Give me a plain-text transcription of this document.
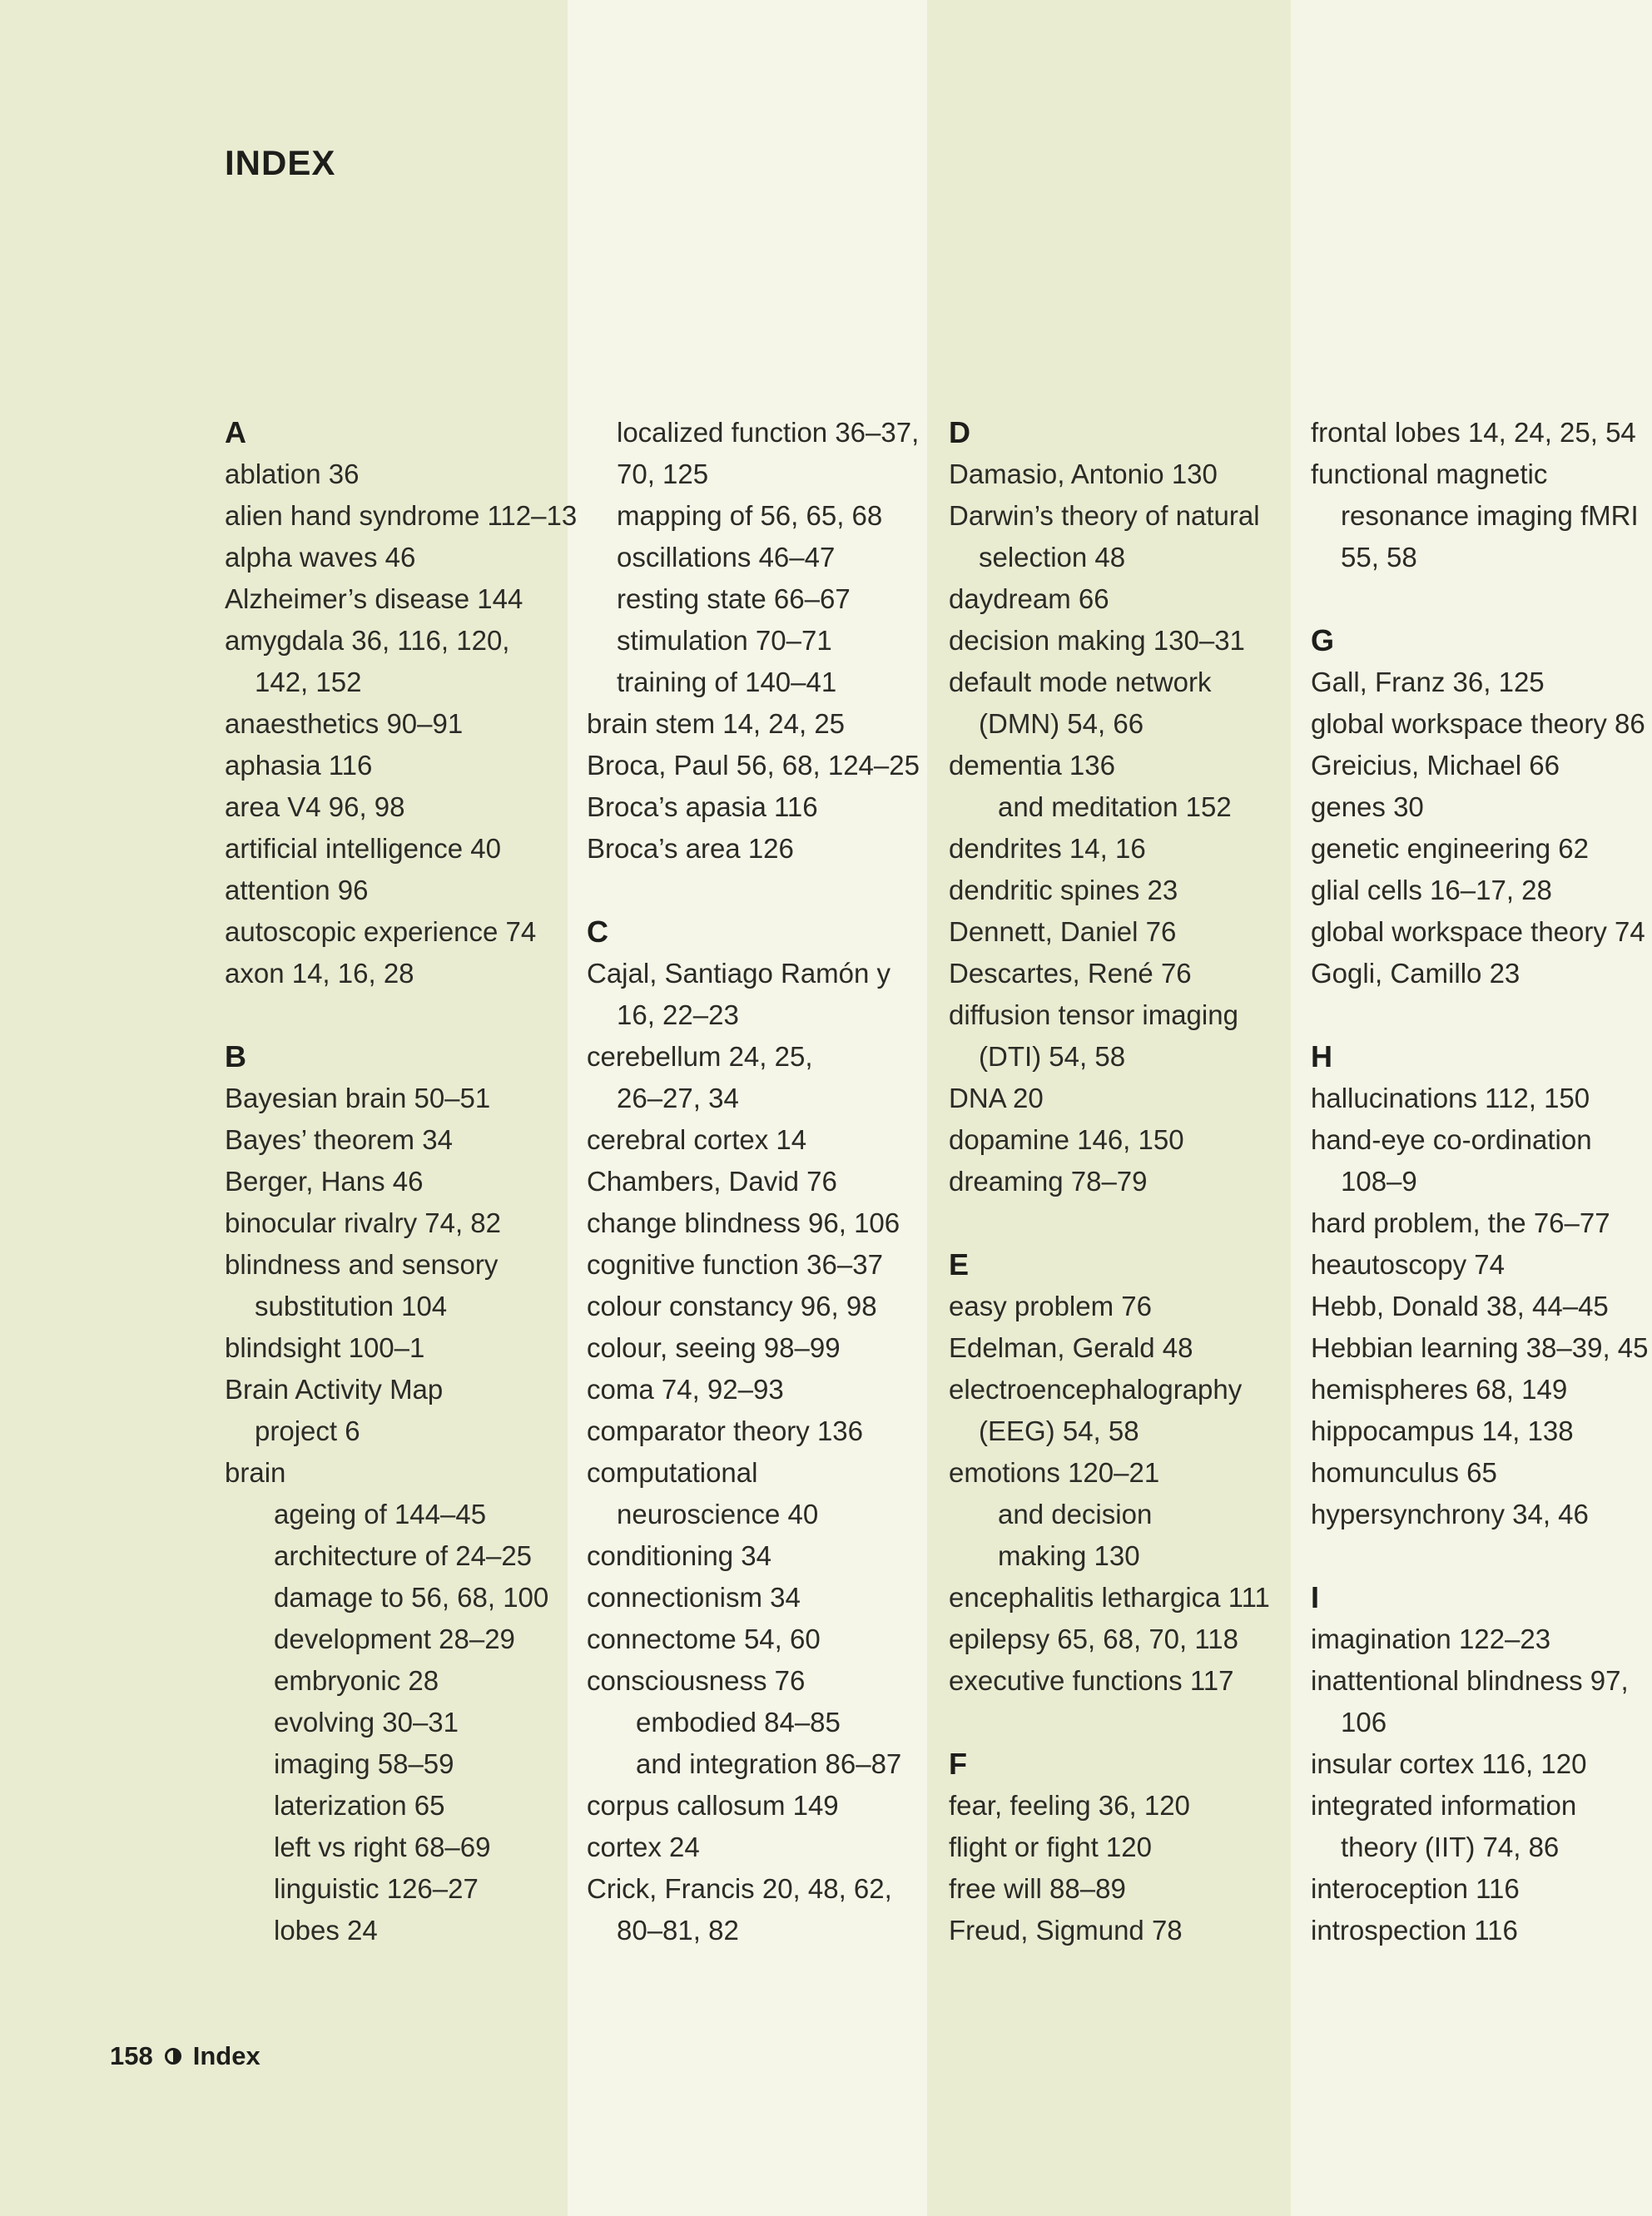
INDEX
A
ablation 36
alien hand syndrome 112–13
alpha waves 46
Alzheimer’s disease 144
amygdala 36, 116, 120,
142, 152
anaesthetics 90–91
aphasia 116
area V4 96, 98
artificial intelligence 40
attention 96
autoscopic experience 74
axon 14, 16, 28
B
Bayesian brain 50–51
Bayes’ theorem 34
Berger, Hans 46
binocular rivalry 74, 82
blindness and sensory
substitution 104
blindsight 100–1
Brain Activity Map
project 6
brain
ageing of 144–45
architecture of 24–25
damage to 56, 68, 100
development 28–29
embryonic 28
evolving 30–31
imaging 58–59
laterization 65
left vs right 68–69
linguistic 126–27
lobes 24
localized function 36–37,
70, 125
mapping of 56, 65, 68
oscillations 46–47
resting state 66–67
stimulation 70–71
training of 140–41
brain stem 14, 24, 25
Broca, Paul 56, 68, 124–25
Broca’s apasia 116
Broca’s area 126
C
Cajal, Santiago Ramón y
16, 22–23
cerebellum 24, 25,
26–27, 34
cerebral cortex 14
Chambers, David 76
change blindness 96, 106
cognitive function 36–37
colour constancy 96, 98
colour, seeing 98–99
coma 74, 92–93
comparator theory 136
computational
neuroscience 40
conditioning 34
connectionism 34
connectome 54, 60
consciousness 76
embodied 84–85
and integration 86–87
corpus callosum 149
cortex 24
Crick, Francis 20, 48, 62,
80–81, 82
D
Damasio, Antonio 130
Darwin’s theory of natural
selection 48
daydream 66
decision making 130–31
default mode network
(DMN) 54, 66
dementia 136
and meditation 152
dendrites 14, 16
dendritic spines 23
Dennett, Daniel 76
Descartes, René 76
diffusion tensor imaging
(DTI) 54, 58
DNA 20
dopamine 146, 150
dreaming 78–79
E
easy problem 76
Edelman, Gerald 48
electroencephalography
(EEG) 54, 58
emotions 120–21
and decision
making 130
encephalitis lethargica 111
epilepsy 65, 68, 70, 118
executive functions 117
F
fear, feeling 36, 120
flight or fight 120
free will 88–89
Freud, Sigmund 78
frontal lobes 14, 24, 25, 54
functional magnetic
resonance imaging fMRI
55, 58
G
Gall, Franz 36, 125
global workspace theory 86
Greicius, Michael 66
genes 30
genetic engineering 62
glial cells 16–17, 28
global workspace theory 74
Gogli, Camillo 23
H
hallucinations 112, 150
hand-eye co-ordination
108–9
hard problem, the 76–77
heautoscopy 74
Hebb, Donald 38, 44–45
Hebbian learning 38–39, 45
hemispheres 68, 149
hippocampus 14, 138
homunculus 65
hypersynchrony 34, 46
I
imagination 122–23
inattentional blindness 97,
106
insular cortex 116, 120
integrated information
theory (IIT) 74, 86
interoception 116
introspection 116
158 Index
